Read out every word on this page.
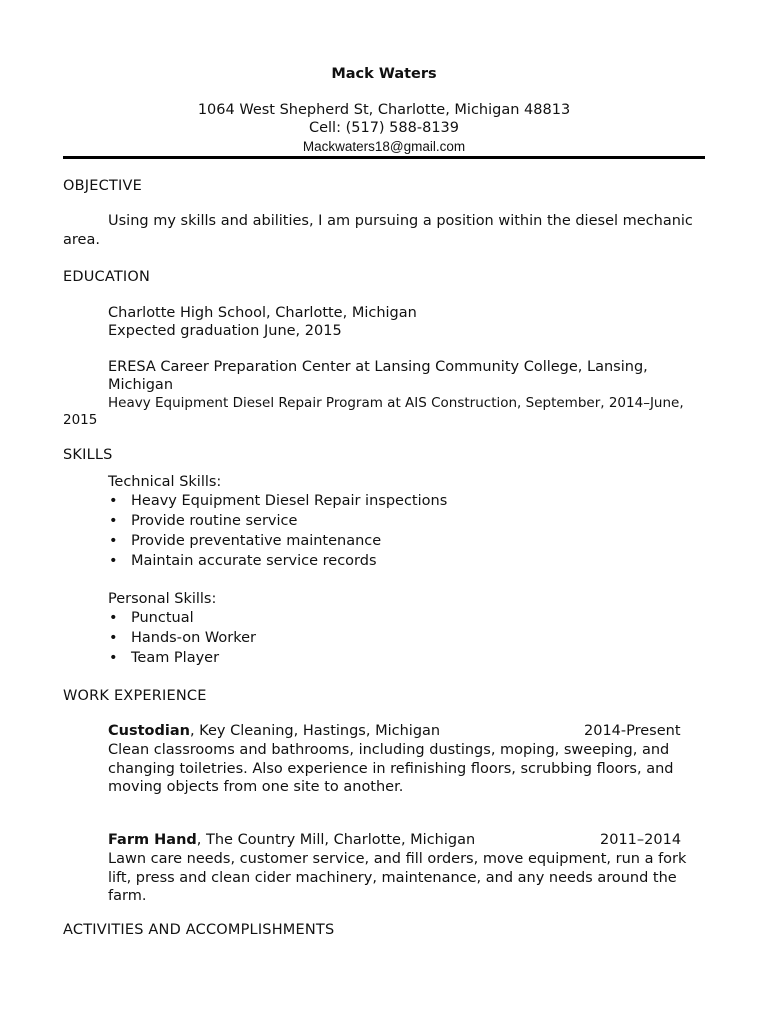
Mack Waters
1064 West Shepherd St, Charlotte, Michigan 48813
Cell: (517) 588-8139
Mackwaters18@gmail.com
OBJECTIVE
Using my skills and abilities, I am pursuing a position within the diesel mechanic area.
EDUCATION
Charlotte High School, Charlotte, Michigan
Expected graduation June, 2015
ERESA Career Preparation Center at Lansing Community College, Lansing, Michigan
Heavy Equipment Diesel Repair Program at AIS Construction, September, 2014–June, 2015
SKILLS
Technical Skills:
• Heavy Equipment Diesel Repair inspections
• Provide routine service
• Provide preventative maintenance
• Maintain accurate service records
Personal Skills:
• Punctual
• Hands-on Worker
• Team Player
WORK EXPERIENCE
Custodian, Key Cleaning, Hastings, Michigan	2014-Present
Clean classrooms and bathrooms, including dustings, moping, sweeping, and changing toiletries. Also experience in refinishing floors, scrubbing floors, and moving objects from one site to another.
Farm Hand, The Country Mill, Charlotte, Michigan	2011–2014
Lawn care needs, customer service, and fill orders, move equipment, run a fork lift, press and clean cider machinery, maintenance, and any needs around the farm.
ACTIVITIES AND ACCOMPLISHMENTS
